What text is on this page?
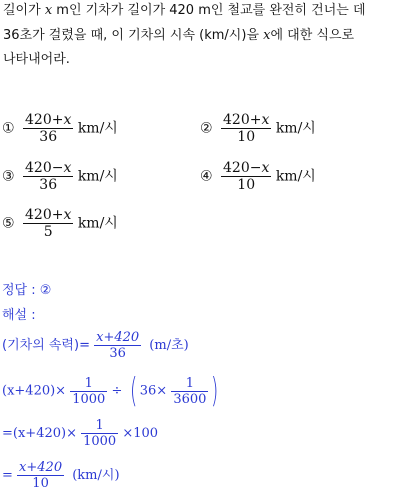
길이가 x m인 기차가 길이가 420 m인 철교를 완전히 건너는 데
36초가 걸렸을 때, 이 기차의 시속 (km/시)을 x에 대한 식으로
나타내어라.
① $\frac{420+x}{36} km/$시	② $\frac{420+x}{10} km/$시
③ $\frac{420-x}{36} km/$시	④ $\frac{420-x}{10} km/$시
⑤ $\frac{420+x}{5} km/$시
정답 : ②
해설 :
(기차의 속력)= $\frac{x+420}{36} (m/$초)
$(x+420)\times \frac{1}{1000}$ ÷ ( $36\times \frac{1}{3600}$ )
$=(x+420)\times \frac{1}{1000} \times 100$
= $\frac{x+420}{10} (km/$시)
